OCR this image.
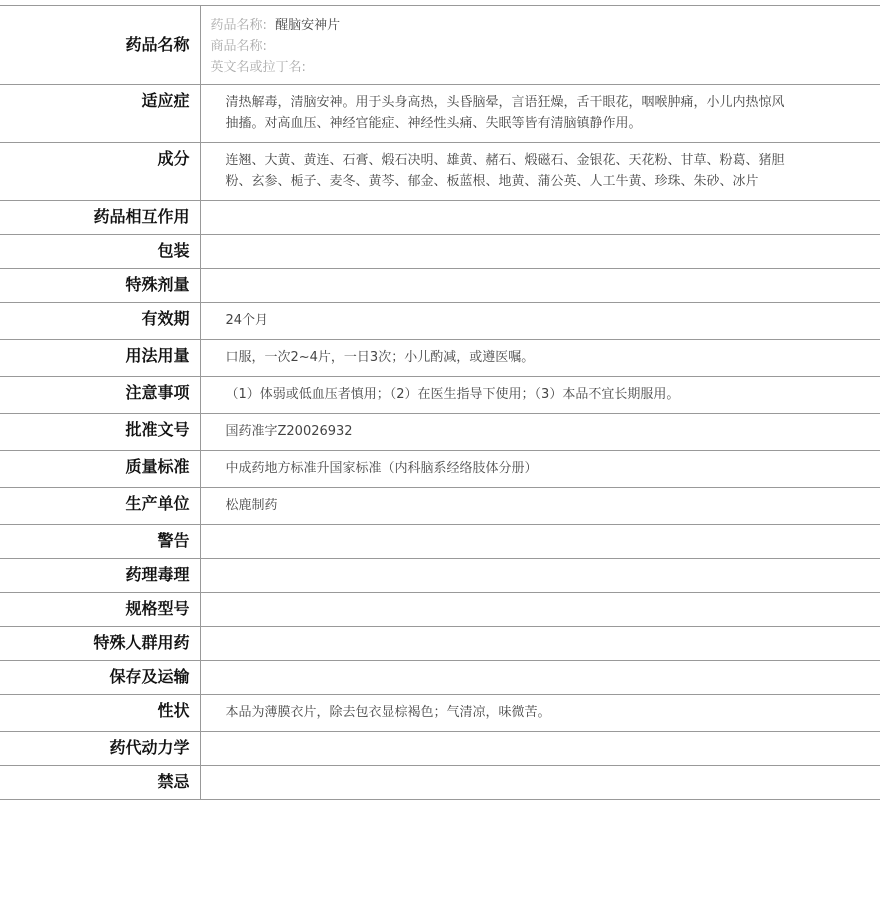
药品名称	药品名称: 醒脑安神片
商品名称:
英文名或拉丁名:

适应症	清热解毒，清脑安神。用于头身高热，头昏脑晕，言语狂燥，舌干眼花，咽喉肿痛，小儿内热惊风抽搐。对高血压、神经官能症、神经性头痛、失眠等皆有清脑镇静作用。
成分	连翘、大黄、黄连、石膏、煅石决明、雄黄、赭石、煅磁石、金银花、天花粉、甘草、粉葛、猪胆粉、玄参、栀子、麦冬、黄芩、郁金、板蓝根、地黄、蒲公英、人工牛黄、珍珠、朱砂、冰片
药品相互作用	
包装	
特殊剂量	
有效期	24个月
用法用量	口服，一次2~4片，一日3次；小儿酌减，或遵医嘱。
注意事项	（1）体弱或低血压者慎用；（2）在医生指导下使用；（3）本品不宜长期服用。
批准文号	国药准字Z20026932
质量标准	中成药地方标准升国家标准（内科脑系经络肢体分册）
生产单位	松鹿制药
警告	
药理毒理	
规格型号	
特殊人群用药	
保存及运输	
性状	本品为薄膜衣片，除去包衣显棕褐色；气清凉，味微苦。
药代动力学	
禁忌	
